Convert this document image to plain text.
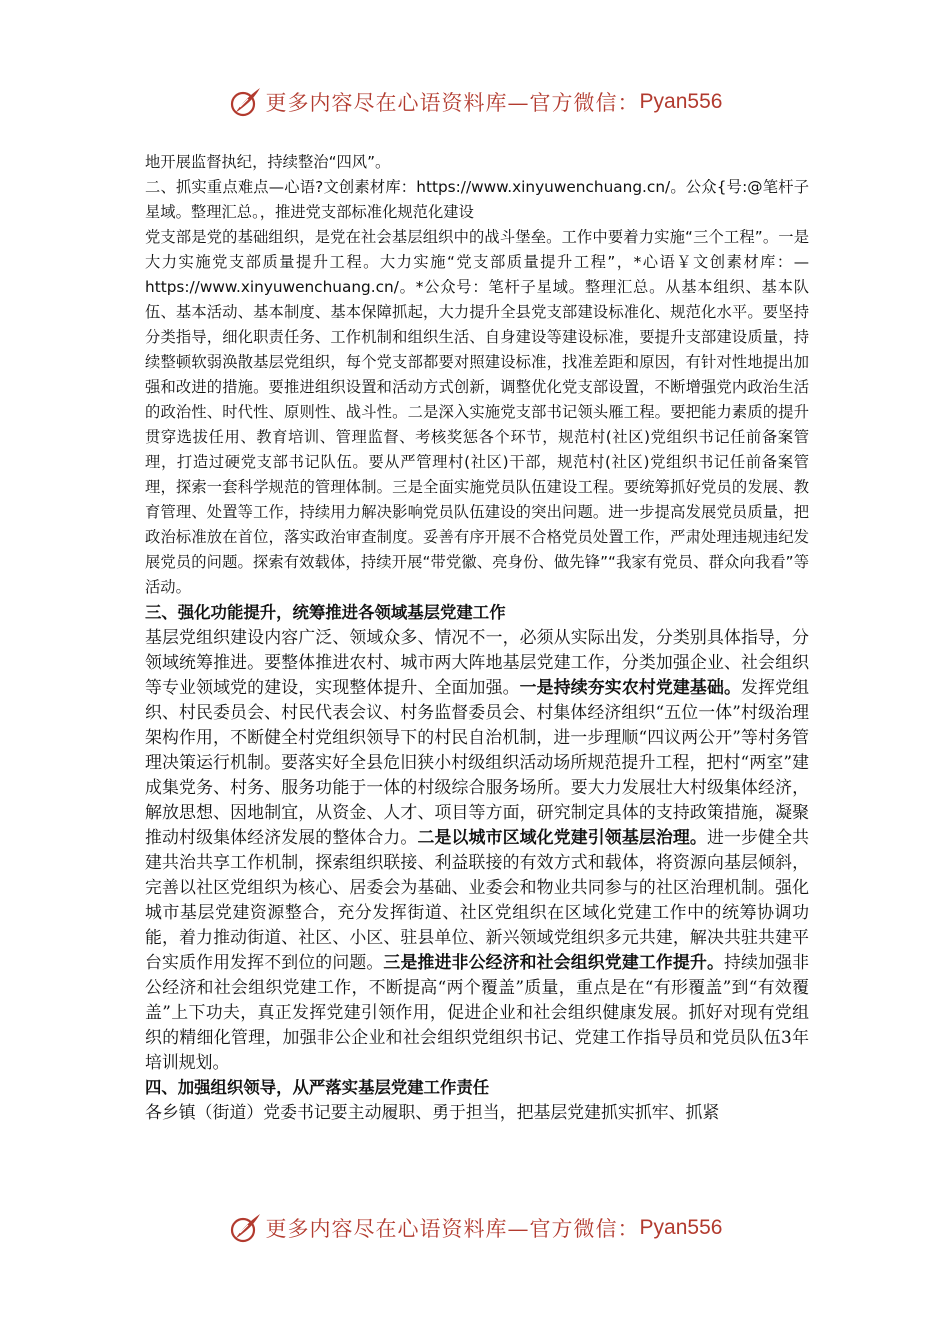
更多内容尽在心语资料库—官方微信： Pyan556

地开展监督执纪，持续整治“四风”。

二、抓实重点难点—心语?文创素材库：https://www.xinyuwenchuang.cn/。公众{号:@笔杆子星域。整理汇总。，推进党支部标准化规范化建设

党支部是党的基础组织，是党在社会基层组织中的战斗堡垒。工作中要着力实施“三个工程”。一是大力实施党支部质量提升工程。大力实施“党支部质量提升工程”，*心语￥文创素材库：—https://www.xinyuwenchuang.cn/。*公众号：笔杆子星域。整理汇总。从基本组织、基本队伍、基本活动、基本制度、基本保障抓起，大力提升全县党支部建设标准化、规范化水平。要坚持分类指导，细化职责任务、工作机制和组织生活、自身建设等建设标准，要提升支部建设质量，持续整顿软弱涣散基层党组织，每个党支部都要对照建设标准，找准差距和原因，有针对性地提出加强和改进的措施。要推进组织设置和活动方式创新，调整优化党支部设置，不断增强党内政治生活的政治性、时代性、原则性、战斗性。二是深入实施党支部书记领头雁工程。要把能力素质的提升贯穿选拔任用、教育培训、管理监督、考核奖惩各个环节，规范村(社区)党组织书记任前备案管理，打造过硬党支部书记队伍。要从严管理村(社区)干部，规范村(社区)党组织书记任前备案管理，探索一套科学规范的管理体制。三是全面实施党员队伍建设工程。要统筹抓好党员的发展、教育管理、处置等工作，持续用力解决影响党员队伍建设的突出问题。进一步提高发展党员质量，把政治标准放在首位，落实政治审查制度。妥善有序开展不合格党员处置工作，严肃处理违规违纪发展党员的问题。探索有效载体，持续开展“带党徽、亮身份、做先锋”“我家有党员、群众向我看”等活动。

三、强化功能提升，统筹推进各领域基层党建工作

基层党组织建设内容广泛、领域众多、情况不一，必须从实际出发，分类别具体指导，分领域统筹推进。要整体推进农村、城市两大阵地基层党建工作，分类加强企业、社会组织等专业领域党的建设，实现整体提升、全面加强。一是持续夯实农村党建基础。发挥党组织、村民委员会、村民代表会议、村务监督委员会、村集体经济组织“五位一体”村级治理架构作用，不断健全村党组织领导下的村民自治机制，进一步理顺“四议两公开”等村务管理决策运行机制。要落实好全县危旧狭小村级组织活动场所规范提升工程，把村“两室”建成集党务、村务、服务功能于一体的村级综合服务场所。要大力发展壮大村级集体经济，解放思想、因地制宜，从资金、人才、项目等方面，研究制定具体的支持政策措施，凝聚推动村级集体经济发展的整体合力。二是以城市区域化党建引领基层治理。进一步健全共建共治共享工作机制，探索组织联接、利益联接的有效方式和载体，将资源向基层倾斜，完善以社区党组织为核心、居委会为基础、业委会和物业共同参与的社区治理机制。强化城市基层党建资源整合，充分发挥街道、社区党组织在区域化党建工作中的统筹协调功能，着力推动街道、社区、小区、驻县单位、新兴领域党组织多元共建，解决共驻共建平台实质作用发挥不到位的问题。三是推进非公经济和社会组织党建工作提升。持续加强非公经济和社会组织党建工作，不断提高“两个覆盖”质量，重点是在“有形覆盖”到“有效覆盖”上下功夫，真正发挥党建引领作用，促进企业和社会组织健康发展。抓好对现有党组织的精细化管理，加强非公企业和社会组织党组织书记、党建工作指导员和党员队伍3年培训规划。

四、加强组织领导，从严落实基层党建工作责任

各乡镇（街道）党委书记要主动履职、勇于担当，把基层党建抓实抓牢、抓紧

更多内容尽在心语资料库—官方微信： Pyan556
